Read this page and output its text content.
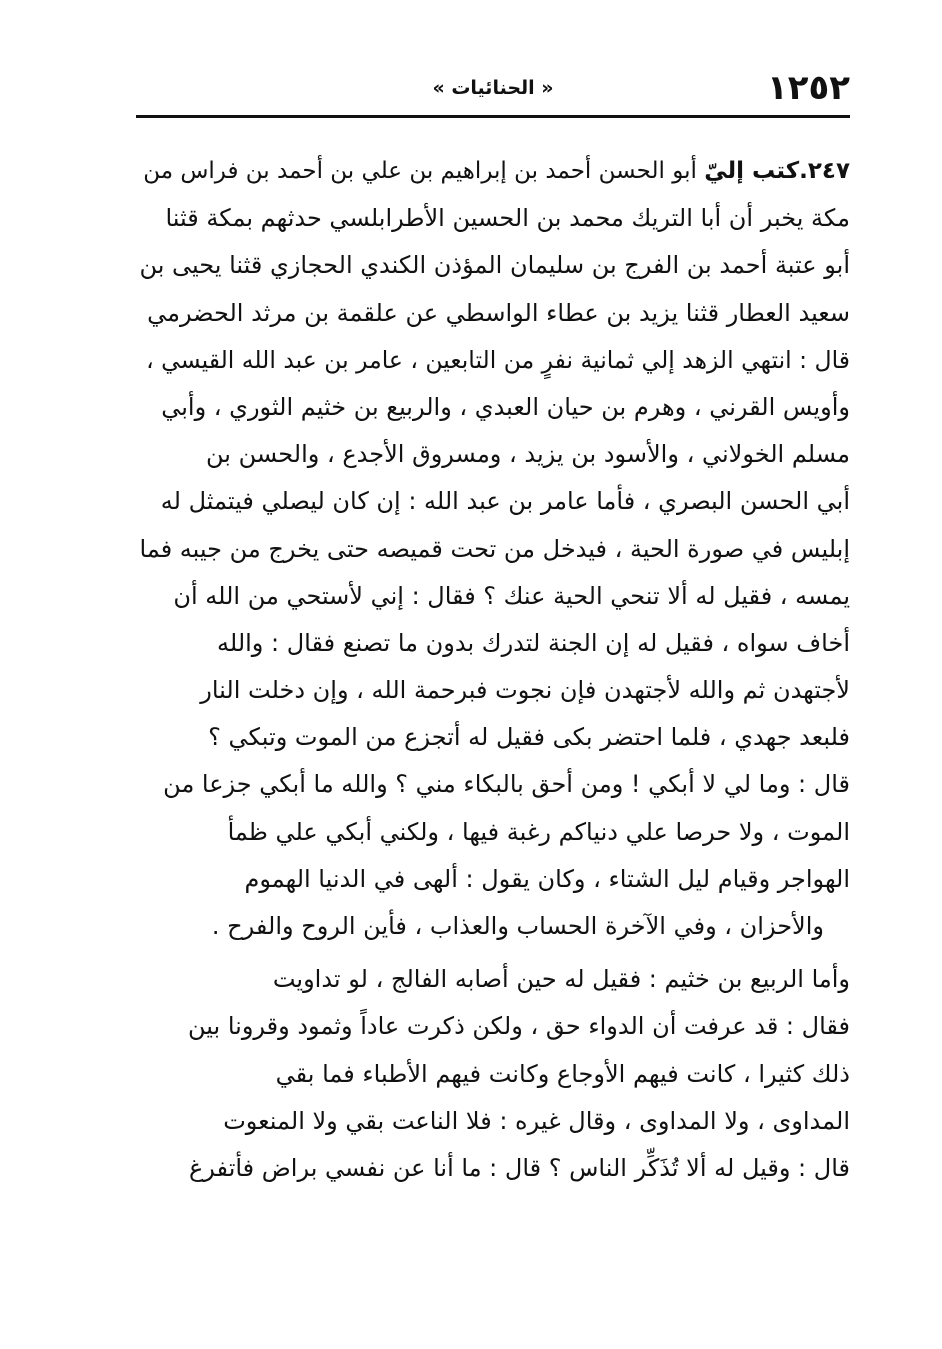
١٢٥٢
« الحنائيات »
٢٤٧.كتب إليّ أبو الحسن أحمد بن إبراهيم بن علي بن أحمد بن فراس من
مكة يخبر أن أبا التريك محمد بن الحسين الأطرابلسي حدثهم بمكة قثنا
أبو عتبة أحمد بن الفرج بن سليمان المؤذن الكندي الحجازي قثنا يحيى بن
سعيد العطار قثنا يزيد بن عطاء الواسطي عن علقمة بن مرثد الحضرمي
قال : انتهي الزهد إلي ثمانية نفرٍ من التابعين ، عامر بن عبد الله القيسي ،
وأويس القرني ، وهرم بن حيان العبدي ، والربيع بن خثيم الثوري ، وأبي
مسلم الخولاني ، والأسود بن يزيد ، ومسروق الأجدع ، والحسن بن
أبي الحسن البصري ، فأما عامر بن عبد الله : إن كان ليصلي فيتمثل له
إبليس في صورة الحية ، فيدخل من تحت قميصه حتى يخرج من جيبه فما
يمسه ، فقيل له ألا تنحي الحية عنك ؟ فقال : إني لأستحي من الله أن
أخاف سواه ، فقيل له إن الجنة لتدرك بدون ما تصنع فقال : والله
لأجتهدن ثم والله لأجتهدن فإن نجوت فبرحمة الله ، وإن دخلت النار
فلبعد جهدي ، فلما احتضر بكى فقيل له أتجزع من الموت وتبكي ؟
قال : وما لي لا أبكي ! ومن أحق بالبكاء مني ؟ والله ما أبكي جزعا من
الموت ، ولا حرصا علي دنياكم رغبة فيها ، ولكني أبكي علي ظمأ
الهواجر وقيام ليل الشتاء ، وكان يقول : ألهى في الدنيا الهموم
والأحزان ، وفي الآخرة الحساب والعذاب ، فأين الروح والفرح .
وأما الربيع بن خثيم : فقيل له حين أصابه الفالج ، لو تداويت
فقال : قد عرفت أن الدواء حق ، ولكن ذكرت عاداً وثمود وقرونا بين
ذلك كثيرا ، كانت فيهم الأوجاع وكانت فيهم الأطباء فما بقي
المداوى ، ولا المداوى ، وقال غيره : فلا الناعت بقي ولا المنعوت
قال : وقيل له ألا تُذَكِّر الناس ؟ قال : ما أنا عن نفسي براض فأتفرغ
